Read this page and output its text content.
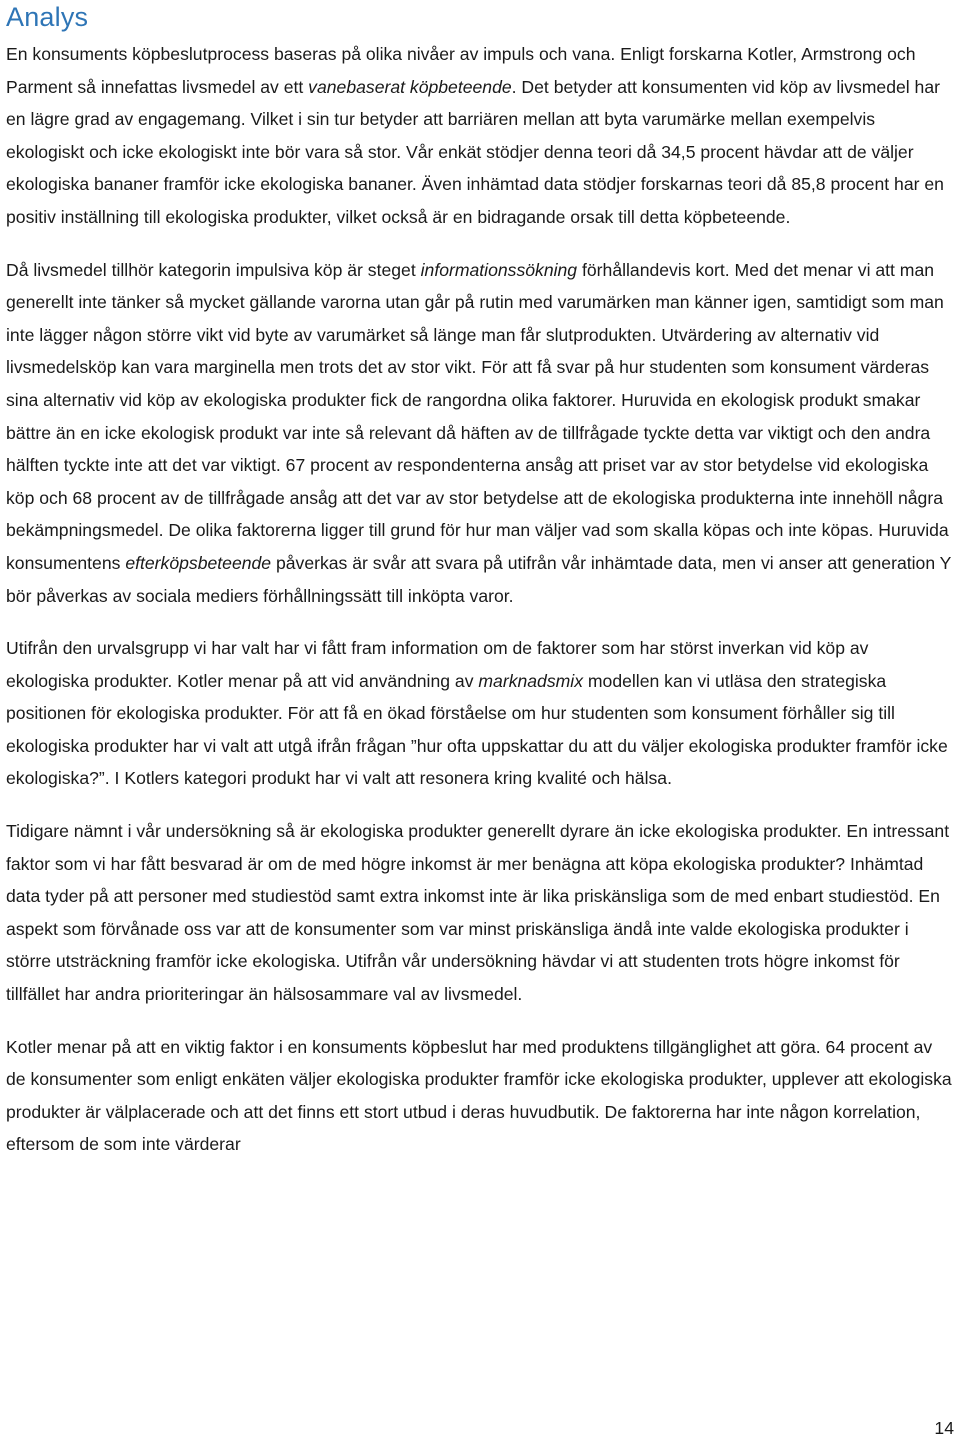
Analys

En konsuments köpbeslutprocess baseras på olika nivåer av impuls och vana. Enligt forskarna Kotler, Armstrong och Parment så innefattas livsmedel av ett vanebaserat köpbeteende. Det betyder att konsumenten vid köp av livsmedel har en lägre grad av engagemang. Vilket i sin tur betyder att barriären mellan att byta varumärke mellan exempelvis ekologiskt och icke ekologiskt inte bör vara så stor. Vår enkät stödjer denna teori då 34,5 procent hävdar att de väljer ekologiska bananer framför icke ekologiska bananer. Även inhämtad data stödjer forskarnas teori då 85,8 procent har en positiv inställning till ekologiska produkter, vilket också är en bidragande orsak till detta köpbeteende.

Då livsmedel tillhör kategorin impulsiva köp är steget informationssökning förhållandevis kort. Med det menar vi att man generellt inte tänker så mycket gällande varorna utan går på rutin med varumärken man känner igen, samtidigt som man inte lägger någon större vikt vid byte av varumärket så länge man får slutprodukten. Utvärdering av alternativ vid livsmedelsköp kan vara marginella men trots det av stor vikt. För att få svar på hur studenten som konsument värderas sina alternativ vid köp av ekologiska produkter fick de rangordna olika faktorer. Huruvida en ekologisk produkt smakar bättre än en icke ekologisk produkt var inte så relevant då häften av de tillfrågade tyckte detta var viktigt och den andra hälften tyckte inte att det var viktigt. 67 procent av respondenterna ansåg att priset var av stor betydelse vid ekologiska köp och 68 procent av de tillfrågade ansåg att det var av stor betydelse att de ekologiska produkterna inte innehöll några bekämpningsmedel. De olika faktorerna ligger till grund för hur man väljer vad som skalla köpas och inte köpas. Huruvida konsumentens efterköpsbeteende påverkas är svår att svara på utifrån vår inhämtade data, men vi anser att generation Y bör påverkas av sociala mediers förhållningssätt till inköpta varor.

Utifrån den urvalsgrupp vi har valt har vi fått fram information om de faktorer som har störst inverkan vid köp av ekologiska produkter. Kotler menar på att vid användning av marknadsmix modellen kan vi utläsa den strategiska positionen för ekologiska produkter. För att få en ökad förståelse om hur studenten som konsument förhåller sig till ekologiska produkter har vi valt att utgå ifrån frågan ”hur ofta uppskattar du att du väljer ekologiska produkter framför icke ekologiska?”. I Kotlers kategori produkt har vi valt att resonera kring kvalité och hälsa.

Tidigare nämnt i vår undersökning så är ekologiska produkter generellt dyrare än icke ekologiska produkter. En intressant faktor som vi har fått besvarad är om de med högre inkomst är mer benägna att köpa ekologiska produkter? Inhämtad data tyder på att personer med studiestöd samt extra inkomst inte är lika priskänsliga som de med enbart studiestöd. En aspekt som förvånade oss var att de konsumenter som var minst priskänsliga ändå inte valde ekologiska produkter i större utsträckning framför icke ekologiska. Utifrån vår undersökning hävdar vi att studenten trots högre inkomst för tillfället har andra prioriteringar än hälsosammare val av livsmedel.

Kotler menar på att en viktig faktor i en konsuments köpbeslut har med produktens tillgänglighet att göra. 64 procent av de konsumenter som enligt enkäten väljer ekologiska produkter framför icke ekologiska produkter, upplever att ekologiska produkter är välplacerade och att det finns ett stort utbud i deras huvudbutik. De faktorerna har inte någon korrelation, eftersom de som inte värderar

14
